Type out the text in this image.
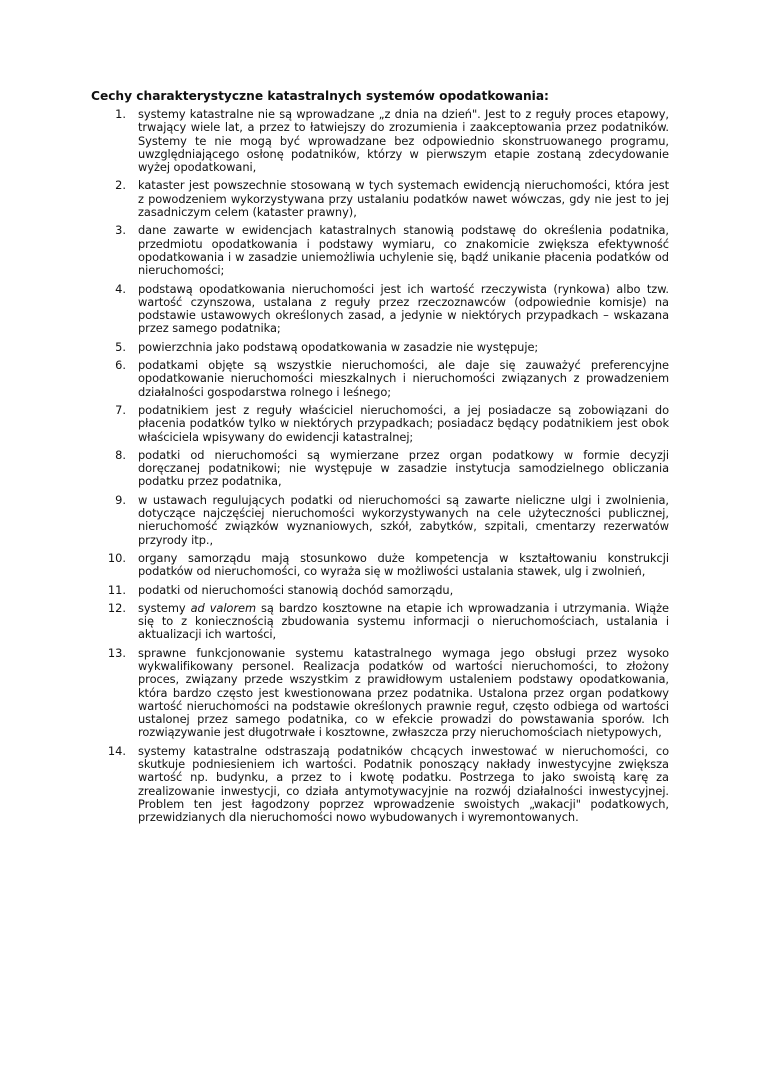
Cechy charakterystyczne katastralnych systemów opodatkowania:
1.	systemy katastralne nie są wprowadzane „z dnia na dzień". Jest to z reguły proces etapowy, trwający wiele lat, a przez to łatwiejszy do zrozumienia i zaakceptowania przez podatników. Systemy te nie mogą być wprowadzane bez odpowiednio skonstruowanego programu, uwzględniającego osłonę podatników, którzy w pierwszym etapie zostaną zdecydowanie wyżej opodatkowani,
2.	kataster jest powszechnie stosowaną w tych systemach ewidencją nieruchomości, która jest z powodzeniem wykorzystywana przy ustalaniu podatków nawet wówczas, gdy nie jest to jej zasadniczym celem (kataster prawny),
3.	dane zawarte w ewidencjach katastralnych stanowią podstawę do określenia podatnika, przedmiotu opodatkowania i podstawy wymiaru, co znakomicie zwiększa efektywność opodatkowania i w zasadzie uniemożliwia uchylenie się, bądź unikanie płacenia podatków od nieruchomości;
4.	podstawą opodatkowania nieruchomości jest ich wartość rzeczywista (rynkowa) albo tzw. wartość czynszowa, ustalana z reguły przez rzeczoznawców (odpowiednie komisje) na podstawie ustawowych określonych zasad, a jedynie w niektórych przypadkach – wskazana przez samego podatnika;
5.	powierzchnia jako podstawą opodatkowania w zasadzie nie występuje;
6.	podatkami objęte są wszystkie nieruchomości, ale daje się zauważyć preferencyjne opodatkowanie nieruchomości mieszkalnych i nieruchomości związanych z prowadzeniem działalności gospodarstwa rolnego i leśnego;
7.	podatnikiem jest z reguły właściciel nieruchomości, a jej posiadacze są zobowiązani do płacenia podatków tylko w niektórych przypadkach; posiadacz będący podatnikiem jest obok właściciela wpisywany do ewidencji katastralnej;
8.	podatki od nieruchomości są wymierzane przez organ podatkowy w formie decyzji doręczanej podatnikowi; nie występuje w zasadzie instytucja samodzielnego obliczania podatku przez podatnika,
9.	w ustawach regulujących podatki od nieruchomości są zawarte nieliczne ulgi i zwolnienia, dotyczące najczęściej nieruchomości wykorzystywanych na cele użyteczności publicznej, nieruchomość związków wyznaniowych, szkół, zabytków, szpitali, cmentarzy rezerwatów przyrody itp.,
10.	organy samorządu mają stosunkowo duże kompetencja w kształtowaniu konstrukcji podatków od nieruchomości, co wyraża się w możliwości ustalania stawek, ulg i zwolnień,
11.	podatki od nieruchomości stanowią dochód samorządu,
12.	systemy ad valorem są bardzo kosztowne na etapie ich wprowadzania i utrzymania. Wiąże się to z koniecznością zbudowania systemu informacji o nieruchomościach, ustalania i aktualizacji ich wartości,
13.	sprawne funkcjonowanie systemu katastralnego wymaga jego obsługi przez wysoko wykwalifikowany personel. Realizacja podatków od wartości nieruchomości, to złożony proces, związany przede wszystkim z prawidłowym ustaleniem podstawy opodatkowania, która bardzo często jest kwestionowana przez podatnika. Ustalona przez organ podatkowy wartość nieruchomości na podstawie określonych prawnie reguł, często odbiega od wartości ustalonej przez samego podatnika, co w efekcie prowadzi do powstawania sporów. Ich rozwiązywanie jest długotrwałe i kosztowne, zwłaszcza przy nieruchomościach nietypowych,
14.	systemy katastralne odstraszają podatników chcących inwestować w nieruchomości, co skutkuje podniesieniem ich wartości. Podatnik ponoszący nakłady inwestycyjne zwiększa wartość np. budynku, a przez to i kwotę podatku. Postrzega to jako swoistą karę za zrealizowanie inwestycji, co działa antymotywacyjnie na rozwój działalności inwestycyjnej. Problem ten jest łagodzony poprzez wprowadzenie swoistych „wakacji" podatkowych, przewidzianych dla nieruchomości nowo wybudowanych i wyremontowanych.
